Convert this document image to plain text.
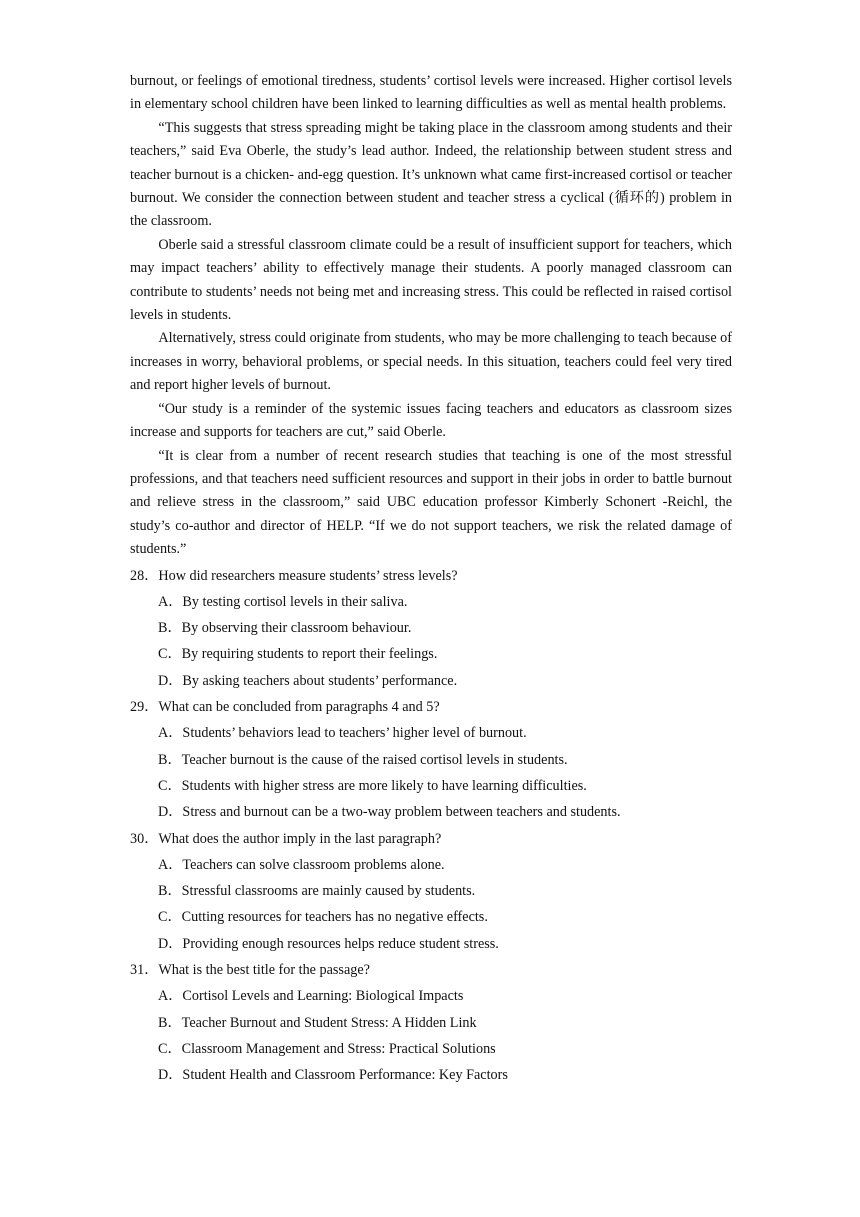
burnout, or feelings of emotional tiredness, students’ cortisol levels were increased. Higher cortisol levels in elementary school children have been linked to learning difficulties as well as mental health problems.

“This suggests that stress spreading might be taking place in the classroom among students and their teachers,” said Eva Oberle, the study’s lead author. Indeed, the relationship between student stress and teacher burnout is a chicken- and-egg question. It’s unknown what came first-increased cortisol or teacher burnout. We consider the connection between student and teacher stress a cyclical (循环的) problem in the classroom.

Oberle said a stressful classroom climate could be a result of insufficient support for teachers, which may impact teachers’ ability to effectively manage their students. A poorly managed classroom can contribute to students’ needs not being met and increasing stress. This could be reflected in raised cortisol levels in students.

Alternatively, stress could originate from students, who may be more challenging to teach because of increases in worry, behavioral problems, or special needs. In this situation, teachers could feel very tired and report higher levels of burnout.

“Our study is a reminder of the systemic issues facing teachers and educators as classroom sizes increase and supports for teachers are cut,” said Oberle.

“It is clear from a number of recent research studies that teaching is one of the most stressful professions, and that teachers need sufficient resources and support in their jobs in order to battle burnout and relieve stress in the classroom,” said UBC education professor Kimberly Schonert -Reichl, the study’s co-author and director of HELP. “If we do not support teachers, we risk the related damage of students.”

28．How did researchers measure students’ stress levels?

A．By testing cortisol levels in their saliva.

B．By observing their classroom behaviour.

C．By requiring students to report their feelings.

D．By asking teachers about students’ performance.

29．What can be concluded from paragraphs 4 and 5?

A．Students’ behaviors lead to teachers’ higher level of burnout.

B．Teacher burnout is the cause of the raised cortisol levels in students.

C．Students with higher stress are more likely to have learning difficulties.

D．Stress and burnout can be a two-way problem between teachers and students.

30．What does the author imply in the last paragraph?

A．Teachers can solve classroom problems alone.

B．Stressful classrooms are mainly caused by students.

C．Cutting resources for teachers has no negative effects.

D．Providing enough resources helps reduce student stress.

31．What is the best title for the passage?

A．Cortisol Levels and Learning: Biological Impacts

B．Teacher Burnout and Student Stress: A Hidden Link

C．Classroom Management and Stress: Practical Solutions

D．Student Health and Classroom Performance: Key Factors
